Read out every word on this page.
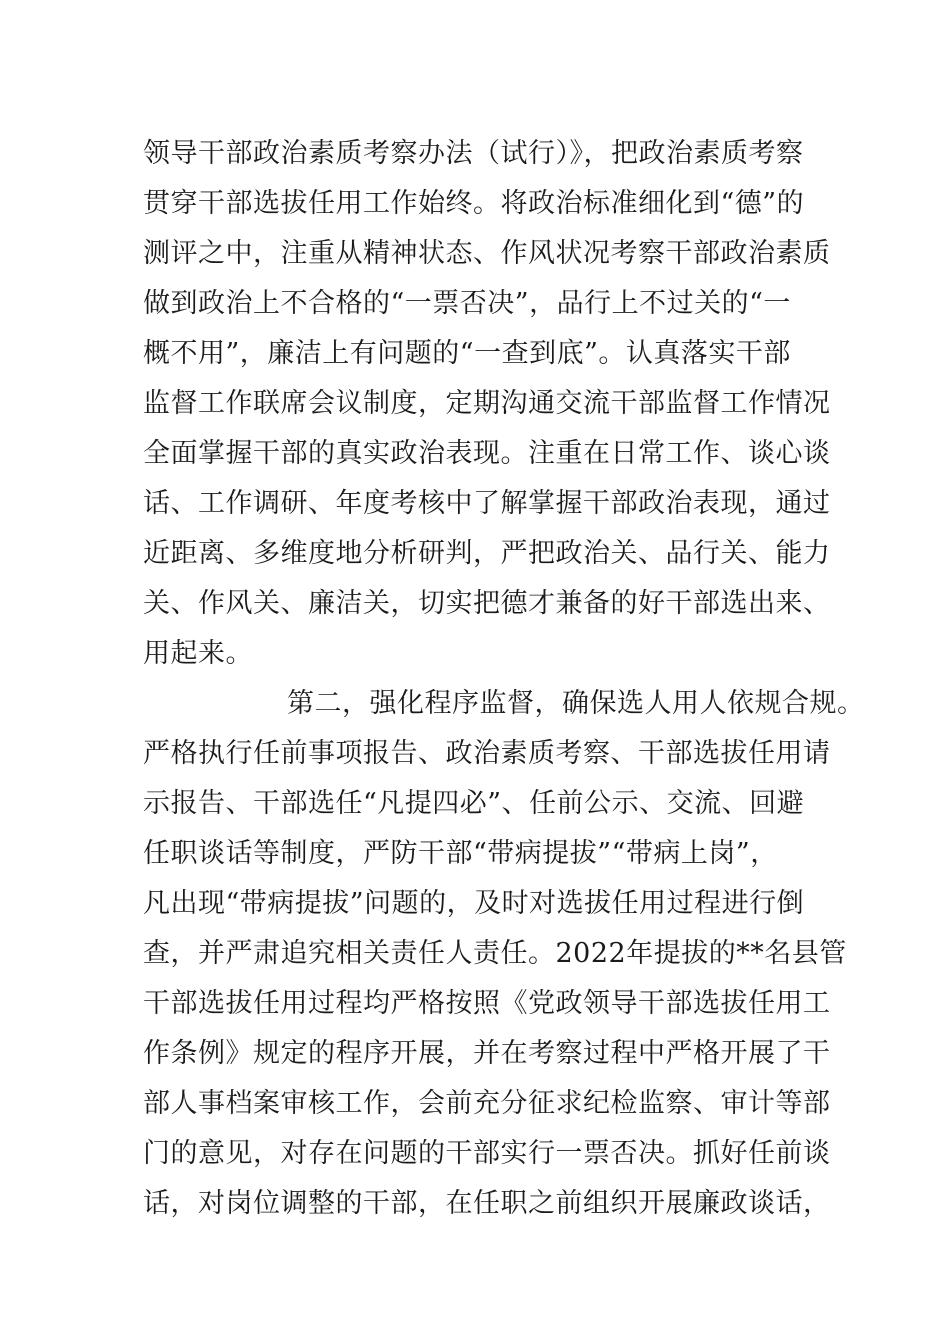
领导干部政治素质考察办法（试行）》，把政治素质考察
贯穿干部选拔任用工作始终。将政治标准细化到“德”的
测评之中，注重从精神状态、作风状况考察干部政治素质
做到政治上不合格的“一票否决”，品行上不过关的“一
概不用”，廉洁上有问题的“一查到底”。认真落实干部
监督工作联席会议制度，定期沟通交流干部监督工作情况
全面掌握干部的真实政治表现。注重在日常工作、谈心谈
话、工作调研、年度考核中了解掌握干部政治表现，通过
近距离、多维度地分析研判，严把政治关、品行关、能力
关、作风关、廉洁关，切实把德才兼备的好干部选出来、
用起来。
第二，强化程序监督，确保选人用人依规合规。
严格执行任前事项报告、政治素质考察、干部选拔任用请
示报告、干部选任“凡提四必”、任前公示、交流、回避
任职谈话等制度，严防干部“带病提拔”“带病上岗”，
凡出现“带病提拔”问题的，及时对选拔任用过程进行倒
查，并严肃追究相关责任人责任。2022年提拔的**名县管
干部选拔任用过程均严格按照《党政领导干部选拔任用工
作条例》规定的程序开展，并在考察过程中严格开展了干
部人事档案审核工作，会前充分征求纪检监察、审计等部
门的意见，对存在问题的干部实行一票否决。抓好任前谈
话，对岗位调整的干部，在任职之前组织开展廉政谈话，
